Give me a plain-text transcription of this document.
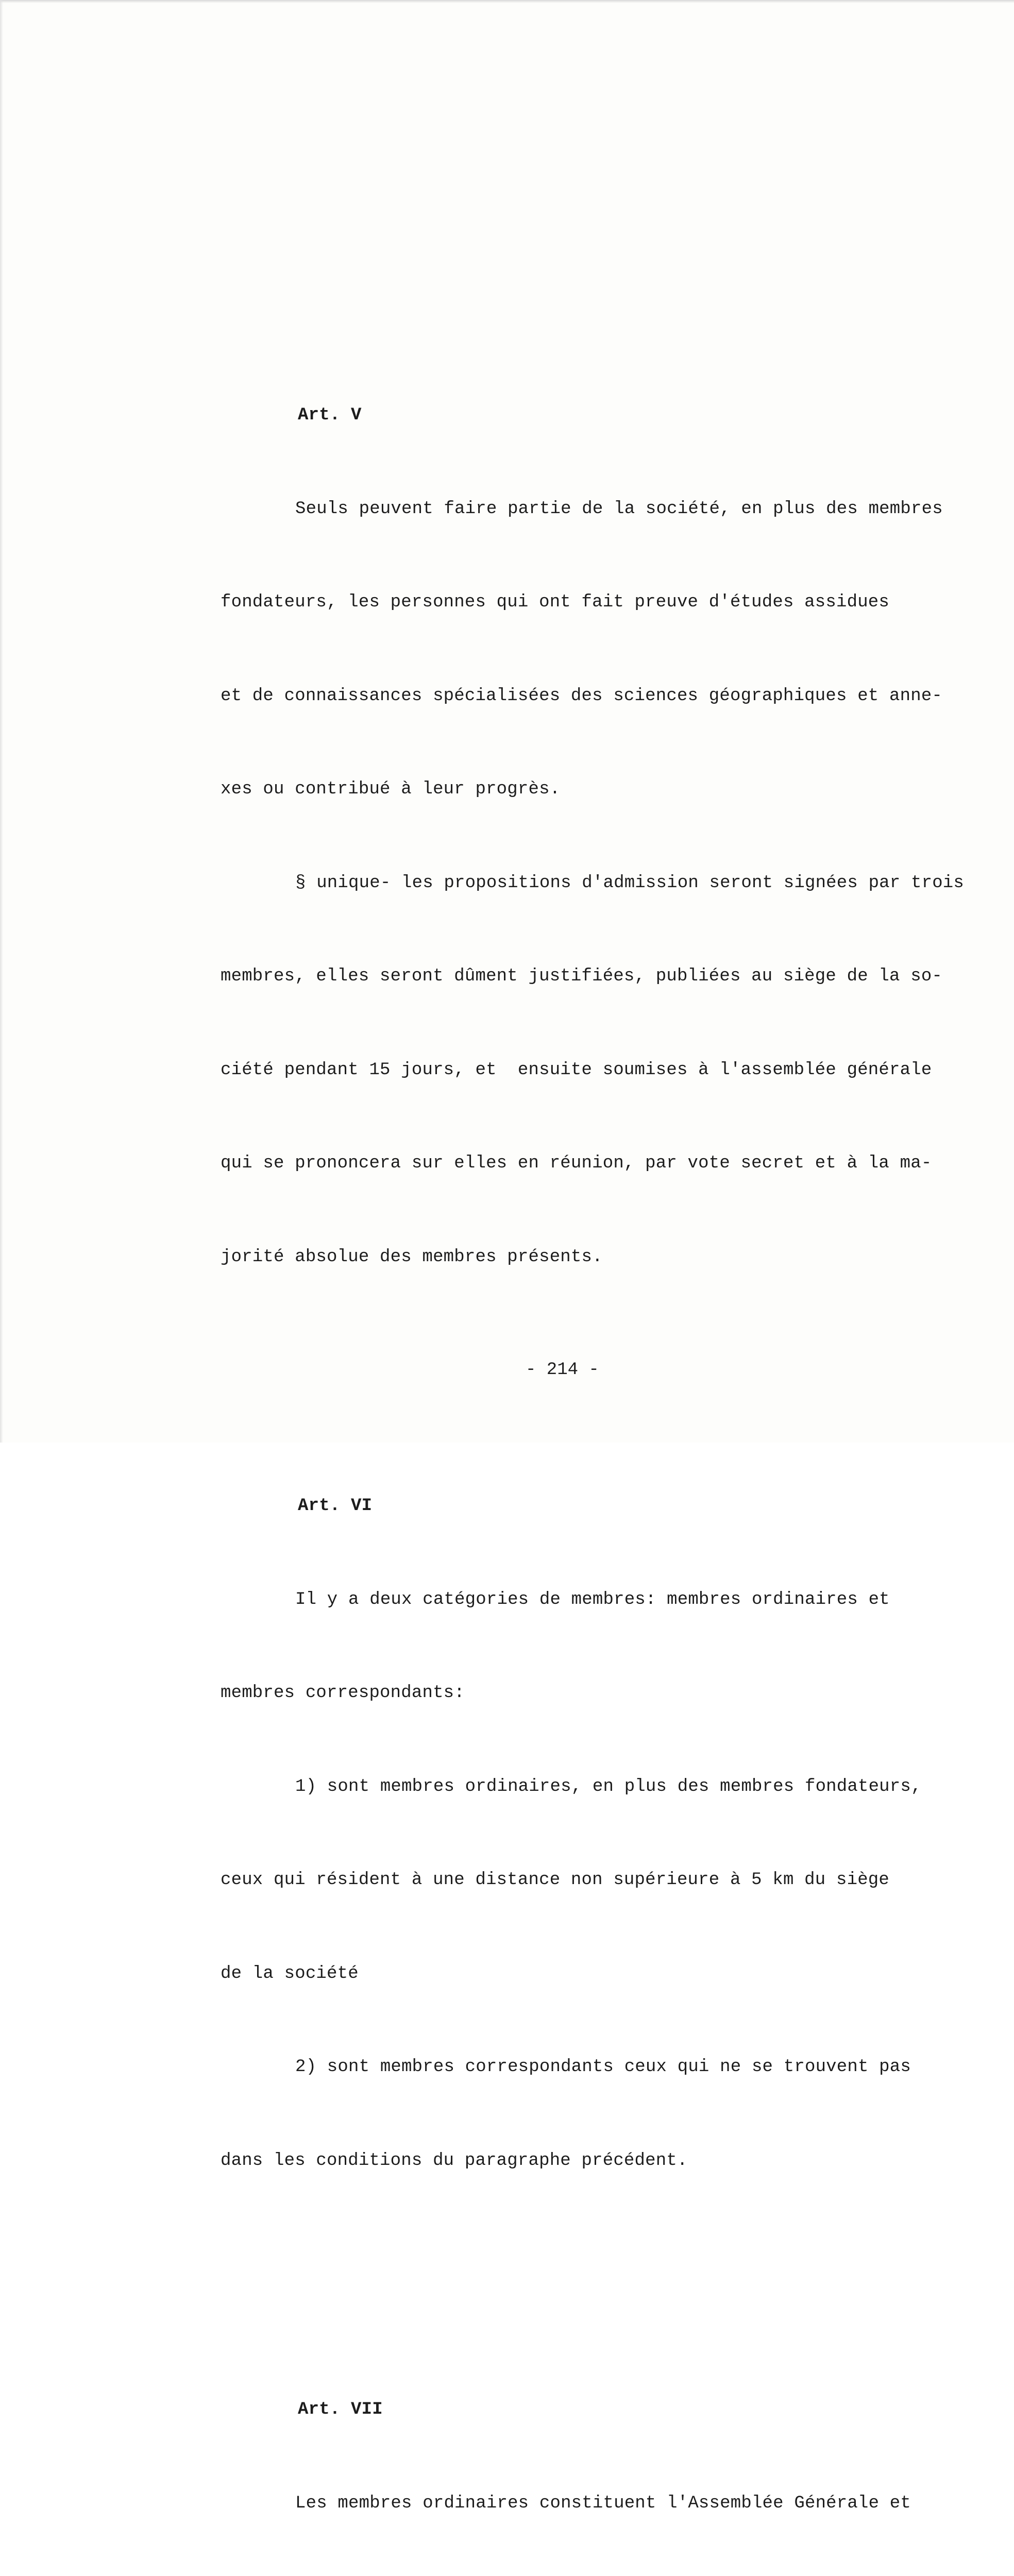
Art. V

Seuls peuvent faire partie de la société, en plus des membres

fondateurs, les personnes qui ont fait preuve d'études assidues

et de connaissances spécialisées des sciences géographiques et anne-

xes ou contribué à leur progrès.

§ unique- les propositions d'admission seront signées par trois

membres, elles seront dûment justifiées, publiées au siège de la so-

ciété pendant 15 jours, et  ensuite soumises à l'assemblée générale

qui se prononcera sur elles en réunion, par vote secret et à la ma-

jorité absolue des membres présents.

Art. VI

Il y a deux catégories de membres: membres ordinaires et

membres correspondants:

1) sont membres ordinaires, en plus des membres fondateurs,

ceux qui résident à une distance non supérieure à 5 km du siège

de la société

2) sont membres correspondants ceux qui ne se trouvent pas

dans les conditions du paragraphe précédent.

Art. VII

Les membres ordinaires constituent l'Assemblée Générale et

- 214 -
